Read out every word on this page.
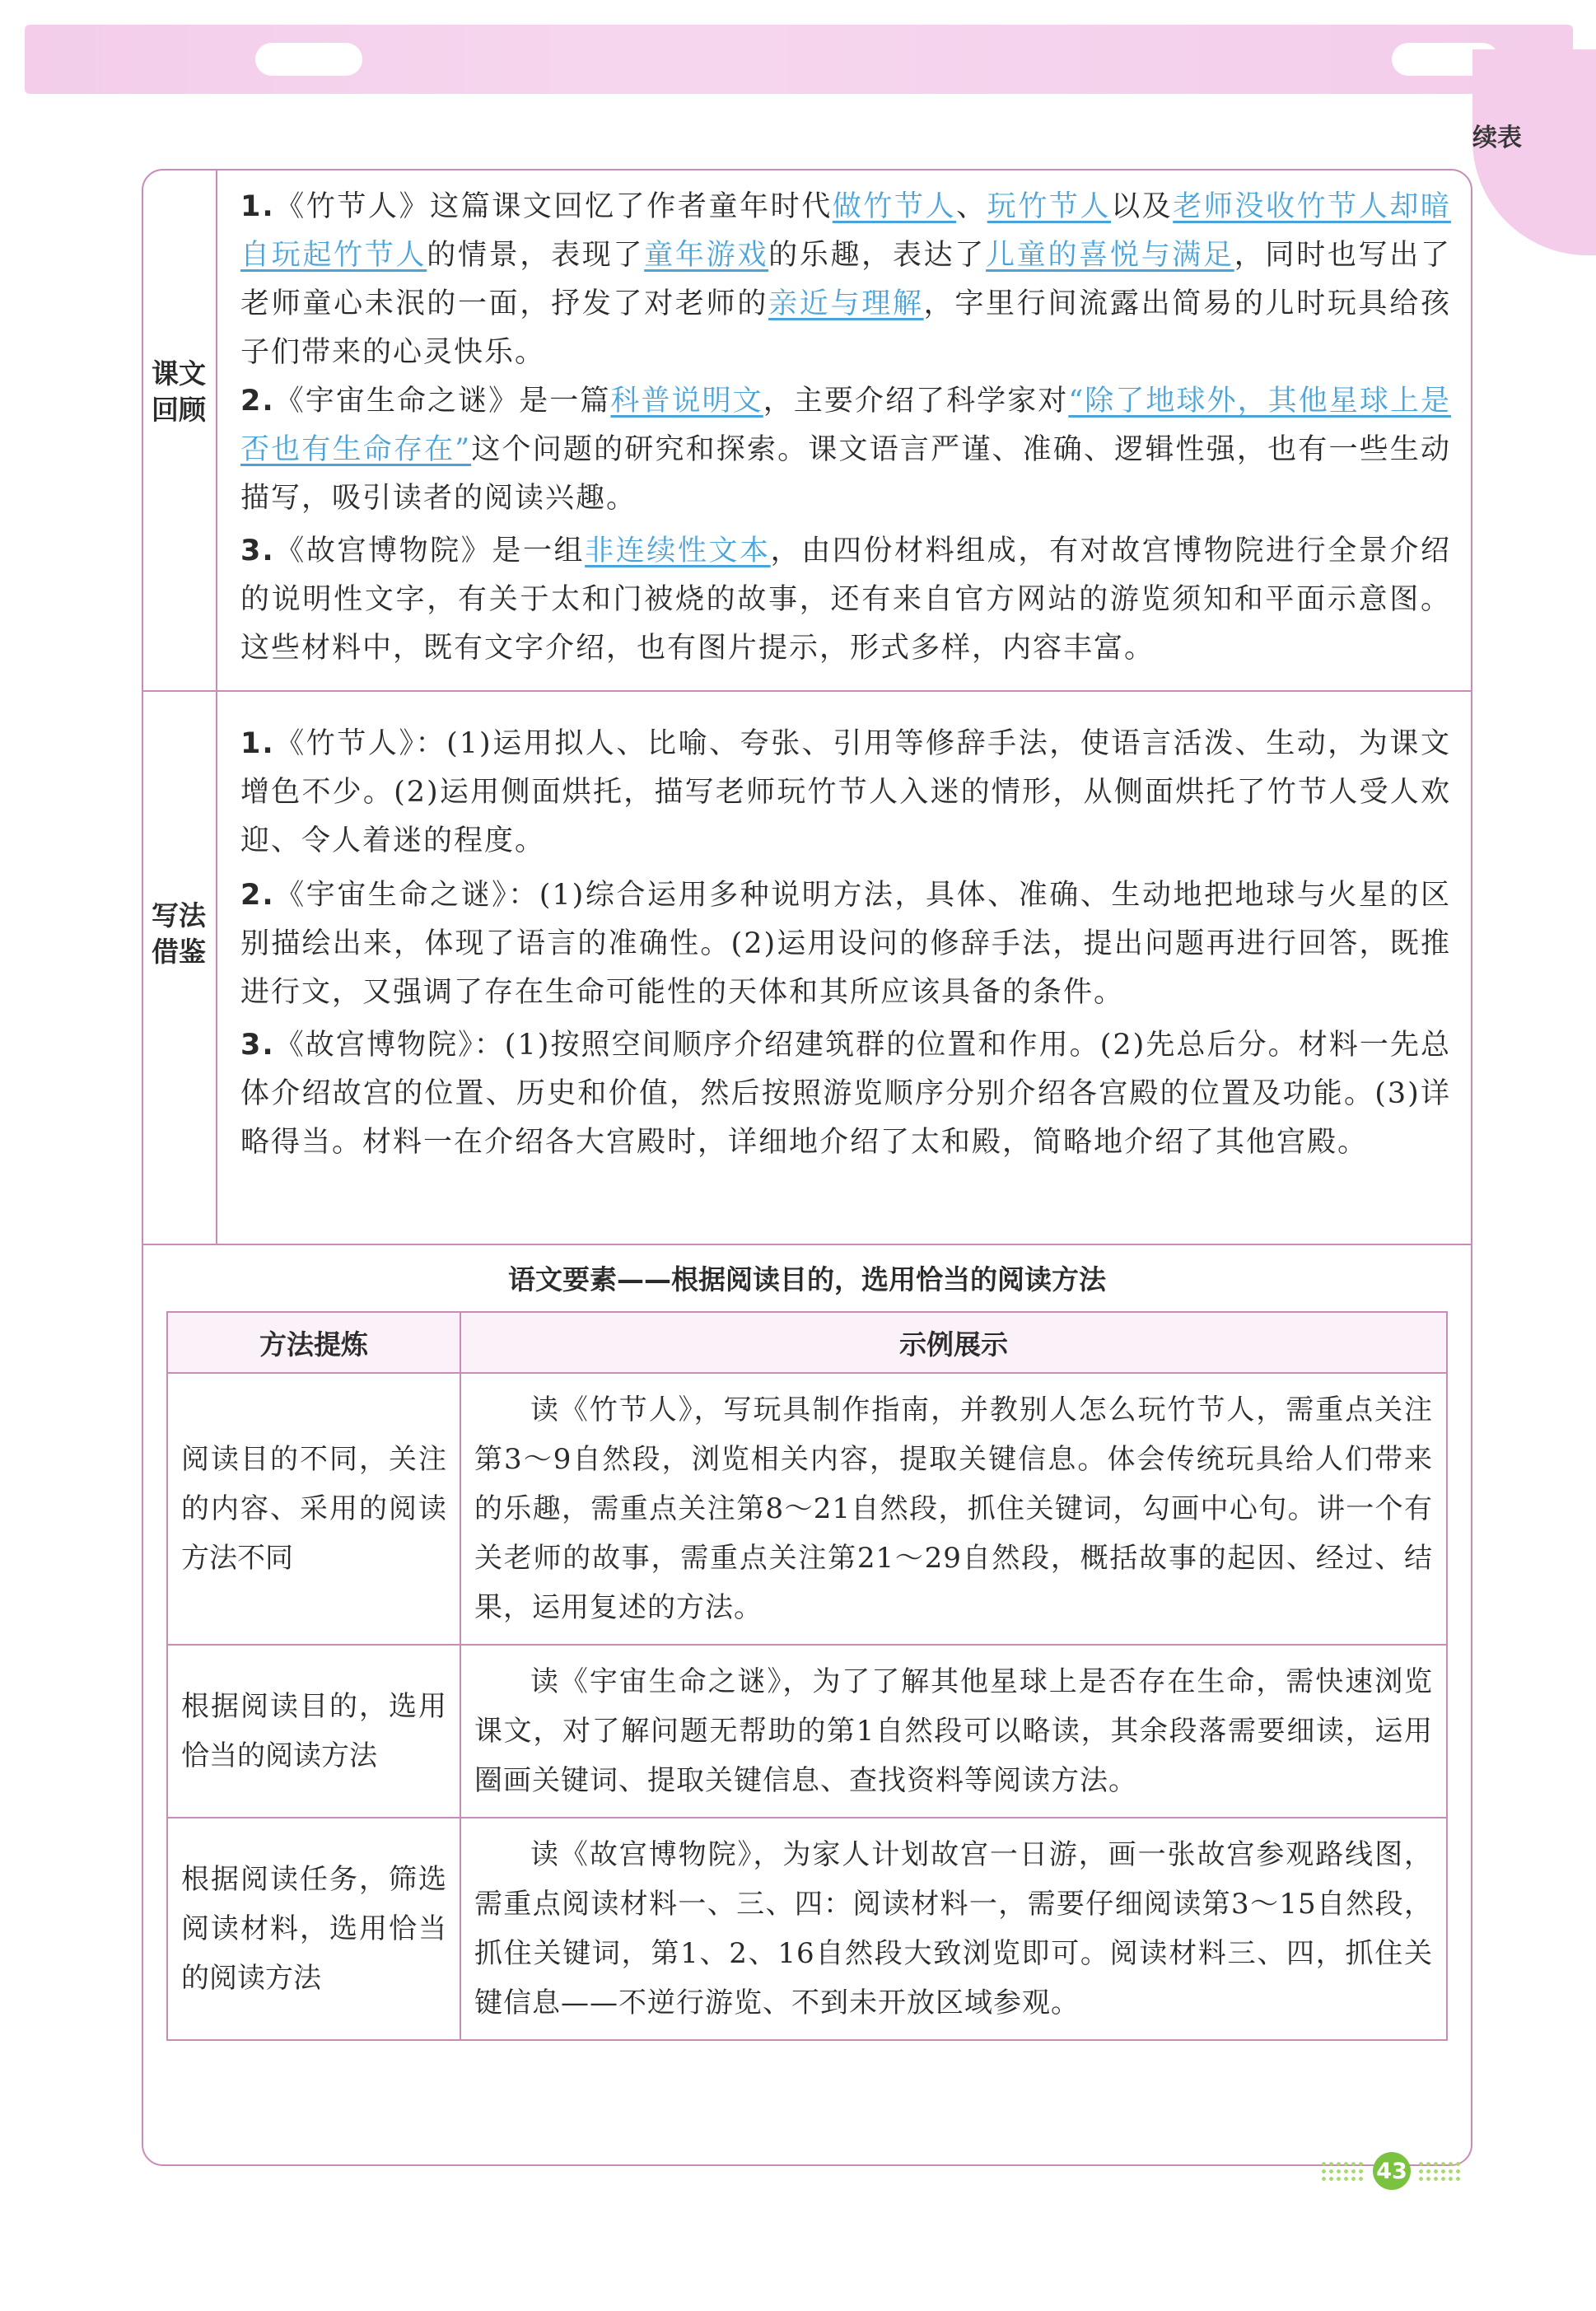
续表
课文回顾
1.《竹节人》这篇课文回忆了作者童年时代做竹节人、玩竹节人以及老师没收竹节人却暗自玩起竹节人的情景，表现了童年游戏的乐趣，表达了儿童的喜悦与满足，同时也写出了老师童心未泯的一面，抒发了对老师的亲近与理解，字里行间流露出简易的儿时玩具给孩子们带来的心灵快乐。
2.《宇宙生命之谜》是一篇科普说明文，主要介绍了科学家对“除了地球外，其他星球上是否也有生命存在”这个问题的研究和探索。课文语言严谨、准确、逻辑性强，也有一些生动描写，吸引读者的阅读兴趣。
3.《故宫博物院》是一组非连续性文本，由四份材料组成，有对故宫博物院进行全景介绍的说明性文字，有关于太和门被烧的故事，还有来自官方网站的游览须知和平面示意图。这些材料中，既有文字介绍，也有图片提示，形式多样，内容丰富。
写法借鉴
1.《竹节人》：(1)运用拟人、比喻、夸张、引用等修辞手法，使语言活泼、生动，为课文增色不少。(2)运用侧面烘托，描写老师玩竹节人入迷的情形，从侧面烘托了竹节人受人欢迎、令人着迷的程度。
2.《宇宙生命之谜》：(1)综合运用多种说明方法，具体、准确、生动地把地球与火星的区别描绘出来，体现了语言的准确性。(2)运用设问的修辞手法，提出问题再进行回答，既推进行文，又强调了存在生命可能性的天体和其所应该具备的条件。
3.《故宫博物院》：(1)按照空间顺序介绍建筑群的位置和作用。(2)先总后分。材料一先总体介绍故宫的位置、历史和价值，然后按照游览顺序分别介绍各宫殿的位置及功能。(3)详略得当。材料一在介绍各大宫殿时，详细地介绍了太和殿，简略地介绍了其他宫殿。
语文要素——根据阅读目的，选用恰当的阅读方法
方法提炼	示例展示
阅读目的不同，关注的内容、采用的阅读方法不同	读《竹节人》，写玩具制作指南，并教别人怎么玩竹节人，需重点关注第3～9自然段，浏览相关内容，提取关键信息。体会传统玩具给人们带来的乐趣，需重点关注第8～21自然段，抓住关键词，勾画中心句。讲一个有关老师的故事，需重点关注第21～29自然段，概括故事的起因、经过、结果，运用复述的方法。
根据阅读目的，选用恰当的阅读方法	读《宇宙生命之谜》，为了了解其他星球上是否存在生命，需快速浏览课文，对了解问题无帮助的第1自然段可以略读，其余段落需要细读，运用圈画关键词、提取关键信息、查找资料等阅读方法。
根据阅读任务，筛选阅读材料，选用恰当的阅读方法	读《故宫博物院》，为家人计划故宫一日游，画一张故宫参观路线图，需重点阅读材料一、三、四：阅读材料一，需要仔细阅读第3～15自然段，抓住关键词，第1、2、16自然段大致浏览即可。阅读材料三、四，抓住关键信息——不逆行游览、不到未开放区域参观。
43
